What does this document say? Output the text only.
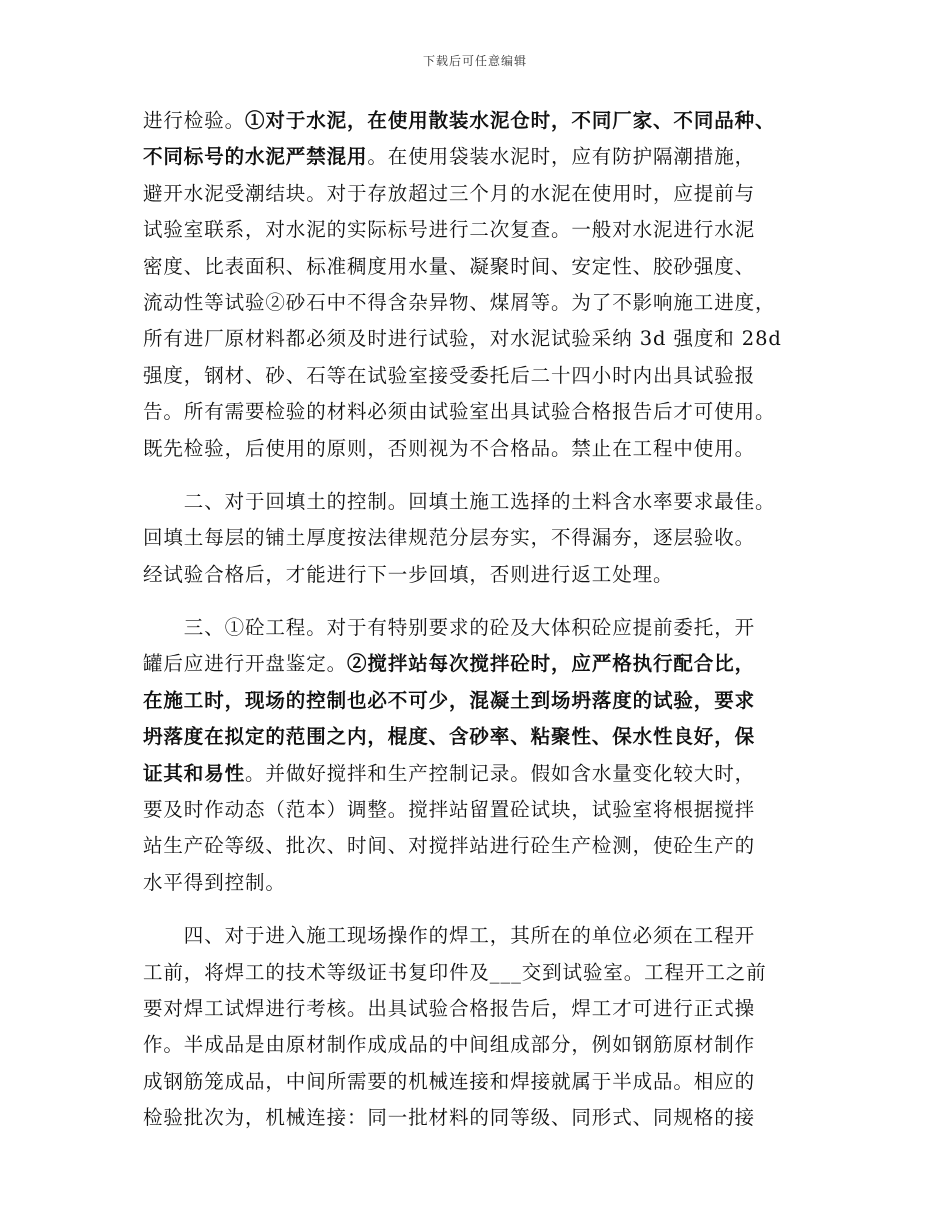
下载后可任意编辑
进行检验。①对于水泥，在使用散装水泥仓时，不同厂家、不同品种、
不同标号的水泥严禁混用。在使用袋装水泥时，应有防护隔潮措施，
避开水泥受潮结块。对于存放超过三个月的水泥在使用时，应提前与
试验室联系，对水泥的实际标号进行二次复查。一般对水泥进行水泥
密度、比表面积、标准稠度用水量、凝聚时间、安定性、胶砂强度、
流动性等试验②砂石中不得含杂异物、煤屑等。为了不影响施工进度，
所有进厂原材料都必须及时进行试验，对水泥试验采纳 3d 强度和 28d
强度，钢材、砂、石等在试验室接受委托后二十四小时内出具试验报
告。所有需要检验的材料必须由试验室出具试验合格报告后才可使用。
既先检验，后使用的原则，否则视为不合格品。禁止在工程中使用。
　　二、对于回填土的控制。回填土施工选择的土料含水率要求最佳。
回填土每层的铺土厚度按法律规范分层夯实，不得漏夯，逐层验收。
经试验合格后，才能进行下一步回填，否则进行返工处理。
　　三、①砼工程。对于有特别要求的砼及大体积砼应提前委托，开
罐后应进行开盘鉴定。②搅拌站每次搅拌砼时，应严格执行配合比，
在施工时，现场的控制也必不可少，混凝土到场坍落度的试验，要求
坍落度在拟定的范围之内，棍度、含砂率、粘聚性、保水性良好，保
证其和易性。并做好搅拌和生产控制记录。假如含水量变化较大时，
要及时作动态（范本）调整。搅拌站留置砼试块，试验室将根据搅拌
站生产砼等级、批次、时间、对搅拌站进行砼生产检测，使砼生产的
水平得到控制。
　　四、对于进入施工现场操作的焊工，其所在的单位必须在工程开
工前，将焊工的技术等级证书复印件及___交到试验室。工程开工之前
要对焊工试焊进行考核。出具试验合格报告后，焊工才可进行正式操
作。半成品是由原材制作成成品的中间组成部分，例如钢筋原材制作
成钢筋笼成品，中间所需要的机械连接和焊接就属于半成品。相应的
检验批次为，机械连接：同一批材料的同等级、同形式、同规格的接
